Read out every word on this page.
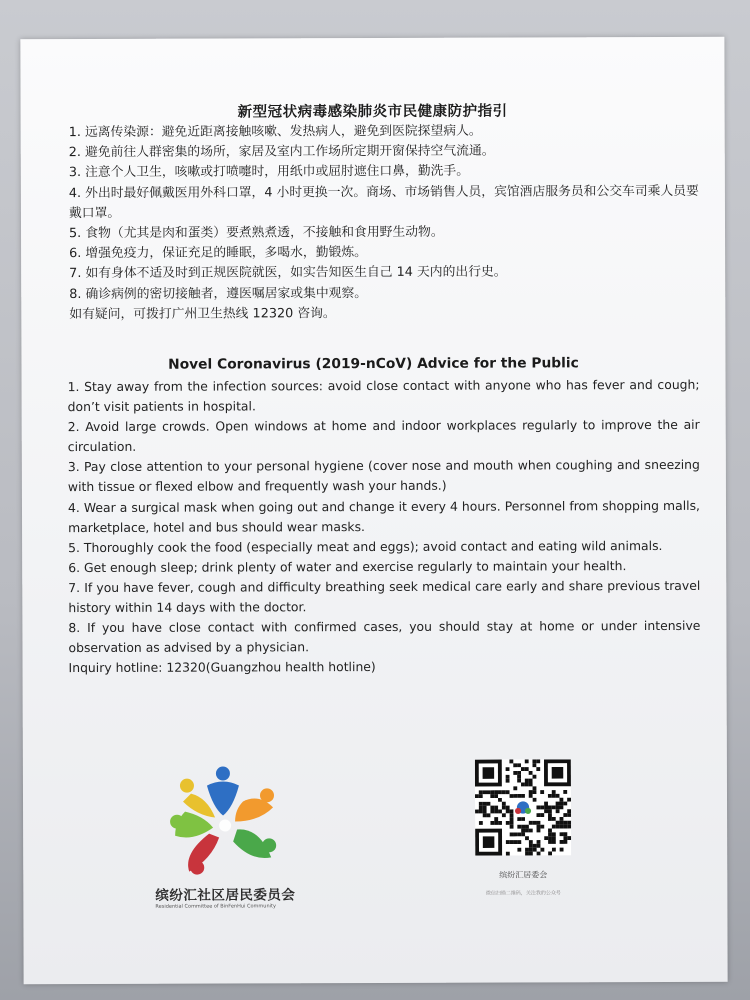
新型冠状病毒感染肺炎市民健康防护指引
1. 远离传染源：避免近距离接触咳嗽、发热病人，避免到医院探望病人。
2. 避免前往人群密集的场所，家居及室内工作场所定期开窗保持空气流通。
3. 注意个人卫生，咳嗽或打喷嚏时，用纸巾或屈肘遮住口鼻，勤洗手。
4. 外出时最好佩戴医用外科口罩，4 小时更换一次。商场、市场销售人员，宾馆酒店服务员和公交车司乘人员要戴口罩。
5. 食物（尤其是肉和蛋类）要煮熟煮透，不接触和食用野生动物。
6. 增强免疫力，保证充足的睡眠，多喝水，勤锻炼。
7. 如有身体不适及时到正规医院就医，如实告知医生自己 14 天内的出行史。
8. 确诊病例的密切接触者，遵医嘱居家或集中观察。
如有疑问，可拨打广州卫生热线 12320 咨询。
Novel Coronavirus (2019-nCoV) Advice for the Public
1. Stay away from the infection sources: avoid close contact with anyone who has fever and cough; don’t visit patients in hospital.
2. Avoid large crowds. Open windows at home and indoor workplaces regularly to improve the air circulation.
3. Pay close attention to your personal hygiene (cover nose and mouth when coughing and sneezing with tissue or flexed elbow and frequently wash your hands.)
4. Wear a surgical mask when going out and change it every 4 hours. Personnel from shopping malls, marketplace, hotel and bus should wear masks.
5. Thoroughly cook the food (especially meat and eggs); avoid contact and eating wild animals.
6. Get enough sleep; drink plenty of water and exercise regularly to maintain your health.
7. If you have fever, cough and difficulty breathing seek medical care early and share previous travel history within 14 days with the doctor.
8. If you have close contact with confirmed cases, you should stay at home or under intensive observation as advised by a physician.
Inquiry hotline: 12320(Guangzhou health hotline)
缤纷汇社区居民委员会
Residential Committee of BinFenHui Community
缤纷汇居委会
微信扫描二维码，关注我的公众号
